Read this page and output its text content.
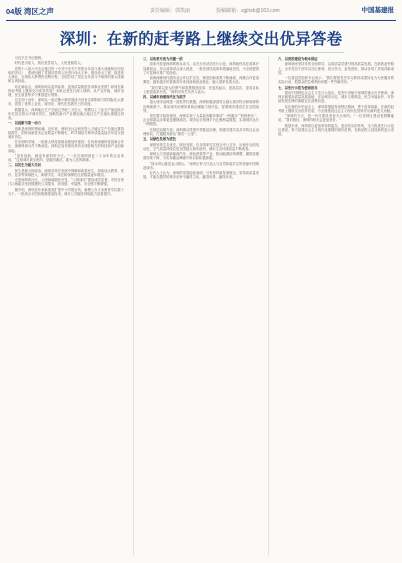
04版 湾区之声	责任编辑：郭凯丽	投稿邮箱：zgjhsb@163.com	中国基建报
深圳：在新的赶考路上继续交出优异答卷

习近平总书记强调，

时代是出卷人，我们是答卷人，人民是阅卷人。

党的十八届六中全会通过的《中共中央关于党的百年奋斗重大成就和历史经验的决议》，系统回顾了党团结带领人民进行伟大斗争、建设伟大工程、推进伟大事业、实现伟大梦想的光辉历程，全面总结了党在百年奋斗中取得的重大成就和宝贵经验。

站在新起点，深圳如何以更高标准、更高质量推进各项事业发展？如何在新的赶考路上继续交出优异答卷？本报记者近日深入调研，从产业升级、城市治理、民生改善等多个维度进行观察。

过去四十余年，深圳从一座边陲小镇发展成为具有全球影响力的国际化大都市，创造了世界工业化、城市化、现代化发展史上的奇迹。

数据显示，深圳地区生产总值已突破三万亿元，规模以上工业总产值连续多年位居全国大中城市首位，战略性新兴产业增加值占地区生产总值比重超过四成。

一、以创新为第一动力

创新是深圳的根和魂。近年来，深圳全社会研发投入占地区生产总值比重持续提升，国家高新技术企业数量不断增长，PCT国际专利申请量连续多年居全国城市首位。

在光明科学城，一批重大科技基础设施加快建设；在河套深港科技创新合作区，深港科研合作不断深化。深圳正加快建设具有全球影响力的科技和产业创新高地。

“没有创新，就没有深圳的今天。”一位在深圳创业二十余年的企业家说，“这座城市最宝贵的，是敢闯敢试、敢为人先的精神。”

二、以民生为最大关切

民生是最大的政治。深圳坚持在发展中保障和改善民生，持续加大教育、医疗、住房等领域投入，新增学位、床位和保障性住房数量逐年增加。

走进深圳的社区，公园绿地随处可见，“公园城市”建设成效显著。市民在家门口就能享受到便捷的公共服务，获得感、幸福感、安全感不断增强。

据介绍，深圳近年来新建改扩建中小学数百所，新增公办义务教育学位数十万个，一批高水平医院相继建成投用，城市公共服务供给能力显著提升。

三、以改革开放为关键一招

改革开放是深圳的根本动力。从先行先试到先行示范，深圳始终站在改革开放最前沿。综合改革试点深入推进，一批首创性改革举措落地见效，为全国提供了可复制可推广的经验。

前海深港现代服务业合作区扩区后，制度创新成果不断涌现，深港合作更加紧密。越来越多的香港青年来到前海创业就业，融入国家发展大局。

“我们要以更大的勇气和智慧推进改革，在更高起点、更高层次、更高目标上推进改革开放。”深圳市有关负责人表示。

四、以城市治理现代化为抓手

超大城市治理是一道世界性难题。深圳积极探索符合超大城市特点和规律的治理新路子，推动城市治理体系和治理能力现代化，智慧城市建设走在全国前列。

依托数字政府建设，深圳实现了大量政务服务事项“一网通办”“秒批秒办”，企业和群众办事更加便捷高效。城市运行管理平台汇聚海量数据，实现城市运行一网统管。

在基层治理方面，深圳推动党建引领基层治理，构建共建共治共享的社会治理格局，打通服务群众“最后一公里”。

五、以绿色发展为底色

深圳坚持生态优先、绿色发展，在全国率先实现全市公交车、出租车全面电动化，空气质量持续位居全国超大城市前列，城市生态环境质量不断改善。

深圳大力发展新能源汽车、绿色建筑等产业，推动能源结构调整，碳排放强度持续下降，为实现碳达峰碳中和目标积极探索。

“绿水青山就是金山银山。”深圳正努力打造人与自然和谐共生的美丽中国典范城市。

业内人士认为，深圳的发展经验表明，只有坚持新发展理念，坚持高质量发展，才能在激烈的城市竞争中赢得主动、赢得优势、赢得未来。

六、以党的建设为根本保证

深圳始终坚持党的全面领导，以高质量党建引领高质量发展。在新的赶考路上，全市党员干部牢记初心使命，担当作为，奋发进取，推动各项工作取得新成效。

一位基层党组织书记表示：“我们要把党史学习教育成果转化为为民服务的实际行动，把群众的急难愁盼问题一件件解决好。”

七、以先行示范为使命担当

建设中国特色社会主义先行示范区，是党中央赋予深圳的重大历史使命。深圳正朝着高质量发展高地、法治城市示范、城市文明典范、民生幸福标杆、可持续发展先锋的战略定位奋勇前进。

站在新的历史起点上，深圳将继续发扬特区精神，勇于改革创新，在新的赶考路上继续交出优异答卷，为全面建设社会主义现代化国家作出新的更大贡献。

“深圳的今天，是一代代建设者奋斗出来的。”一位老特区建设者感慨地说，“我们相信，深圳的明天会更加美好。”

展望未来，深圳将以更加昂扬的姿态、更加务实的作风，全力推进先行示范区建设，努力创建社会主义现代化强国的城市范例，在新征程上创造新的更大奇迹。
